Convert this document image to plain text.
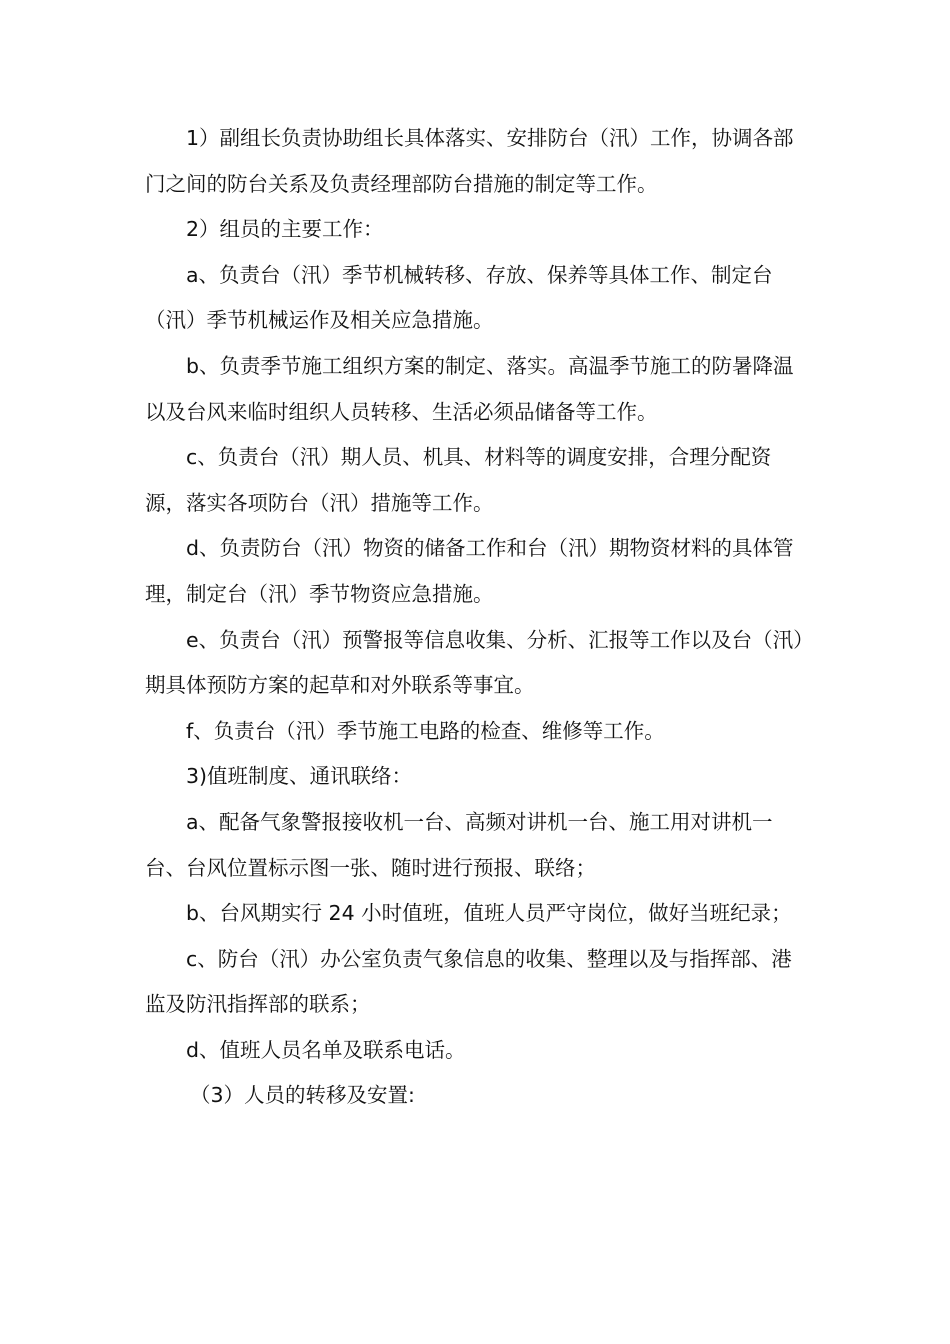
1）副组长负责协助组长具体落实、安排防台（汛）工作，协调各部门之间的防台关系及负责经理部防台措施的制定等工作。

2）组员的主要工作：

a、负责台（汛）季节机械转移、存放、保养等具体工作、制定台（汛）季节机械运作及相关应急措施。

b、负责季节施工组织方案的制定、落实。高温季节施工的防暑降温以及台风来临时组织人员转移、生活必须品储备等工作。

c、负责台（汛）期人员、机具、材料等的调度安排，合理分配资源，落实各项防台（汛）措施等工作。

d、负责防台（汛）物资的储备工作和台（汛）期物资材料的具体管理，制定台（汛）季节物资应急措施。

e、负责台（汛）预警报等信息收集、分析、汇报等工作以及台（汛）期具体预防方案的起草和对外联系等事宜。

f、负责台（汛）季节施工电路的检查、维修等工作。

3)值班制度、通讯联络：

a、配备气象警报接收机一台、高频对讲机一台、施工用对讲机一台、台风位置标示图一张、随时进行预报、联络；

b、台风期实行 24 小时值班，值班人员严守岗位，做好当班纪录；

c、防台（汛）办公室负责气象信息的收集、整理以及与指挥部、港监及防汛指挥部的联系；

d、值班人员名单及联系电话。

（3）人员的转移及安置:
